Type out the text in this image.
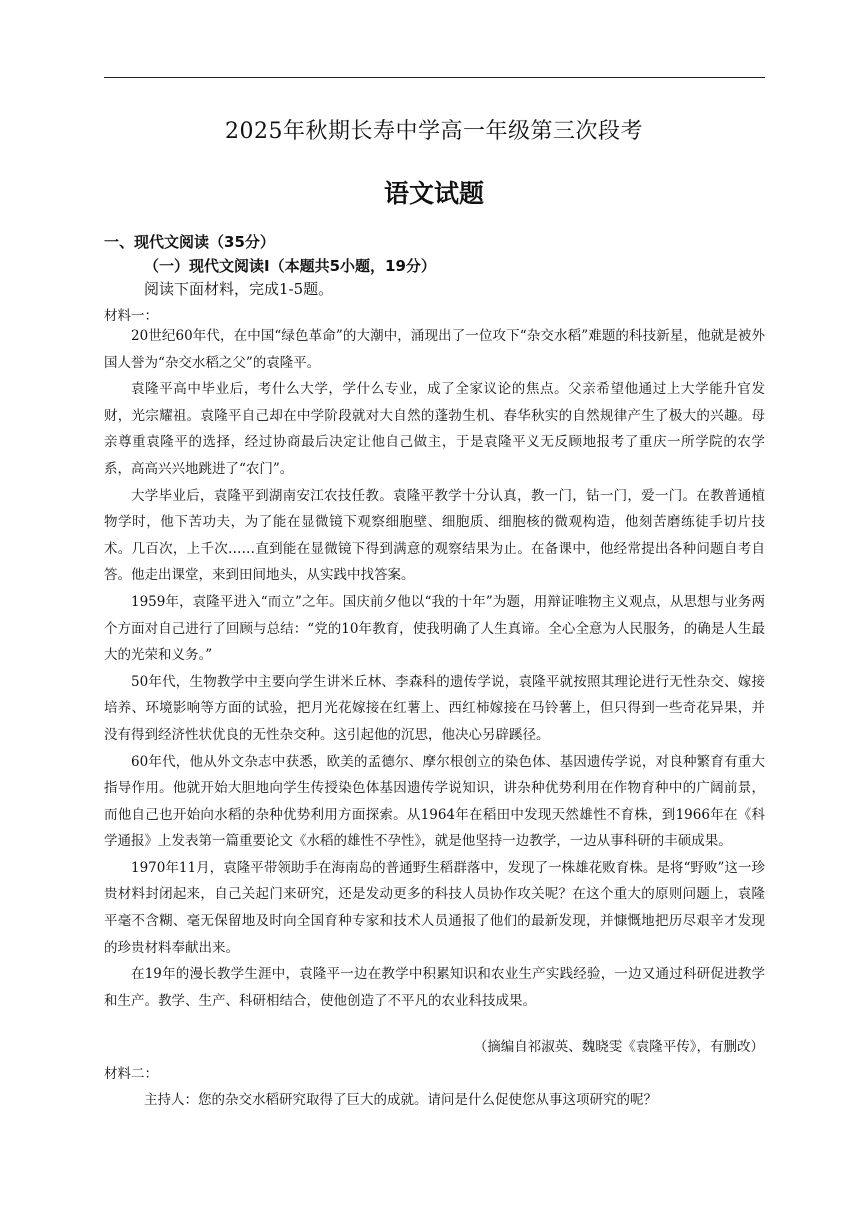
2025年秋期长寿中学高一年级第三次段考
语文试题
一、现代文阅读（35分）
（一）现代文阅读Ⅰ（本题共5小题，19分）
阅读下面材料，完成1-5题。
材料一：

20世纪60年代，在中国“绿色革命”的大潮中，涌现出了一位攻下“杂交水稻”难题的科技新星，他就是被外国人誉为“杂交水稻之父”的袁隆平。

袁隆平高中毕业后，考什么大学，学什么专业，成了全家议论的焦点。父亲希望他通过上大学能升官发财，光宗耀祖。袁隆平自己却在中学阶段就对大自然的蓬勃生机、春华秋实的自然规律产生了极大的兴趣。母亲尊重袁隆平的选择，经过协商最后决定让他自己做主，于是袁隆平义无反顾地报考了重庆一所学院的农学系，高高兴兴地跳进了“农门”。

大学毕业后，袁隆平到湖南安江农技任教。袁隆平教学十分认真，教一门，钻一门，爱一门。在教普通植物学时，他下苦功夫，为了能在显微镜下观察细胞壁、细胞质、细胞核的微观构造，他刻苦磨练徒手切片技术。几百次，上千次……直到能在显微镜下得到满意的观察结果为止。在备课中，他经常提出各种问题自考自答。他走出课堂，来到田间地头，从实践中找答案。

1959年，袁隆平进入“而立”之年。国庆前夕他以“我的十年”为题，用辩证唯物主义观点，从思想与业务两个方面对自己进行了回顾与总结：“党的10年教育，使我明确了人生真谛。全心全意为人民服务，的确是人生最大的光荣和义务。”

50年代，生物教学中主要向学生讲米丘林、李森科的遗传学说，袁隆平就按照其理论进行无性杂交、嫁接培养、环境影响等方面的试验，把月光花嫁接在红薯上、西红柿嫁接在马铃薯上，但只得到一些奇花异果，并没有得到经济性状优良的无性杂交种。这引起他的沉思，他决心另辟蹊径。

60年代，他从外文杂志中获悉，欧美的孟德尔、摩尔根创立的染色体、基因遗传学说，对良种繁育有重大指导作用。他就开始大胆地向学生传授染色体基因遗传学说知识，讲杂种优势利用在作物育种中的广阔前景，而他自己也开始向水稻的杂种优势利用方面探索。从1964年在稻田中发现天然雄性不育株，到1966年在《科学通报》上发表第一篇重要论文《水稻的雄性不孕性》，就是他坚持一边教学，一边从事科研的丰硕成果。

1970年11月，袁隆平带领助手在海南岛的普通野生稻群落中，发现了一株雄花败育株。是将“野败”这一珍贵材料封闭起来，自己关起门来研究，还是发动更多的科技人员协作攻关呢？在这个重大的原则问题上，袁隆平毫不含糊、毫无保留地及时向全国育种专家和技术人员通报了他们的最新发现，并慷慨地把历尽艰辛才发现的珍贵材料奉献出来。

在19年的漫长教学生涯中，袁隆平一边在教学中积累知识和农业生产实践经验，一边又通过科研促进教学和生产。教学、生产、科研相结合，使他创造了不平凡的农业科技成果。

（摘编自祁淑英、魏晓雯《袁隆平传》，有删改）
材料二：
主持人：您的杂交水稻研究取得了巨大的成就。请问是什么促使您从事这项研究的呢？
